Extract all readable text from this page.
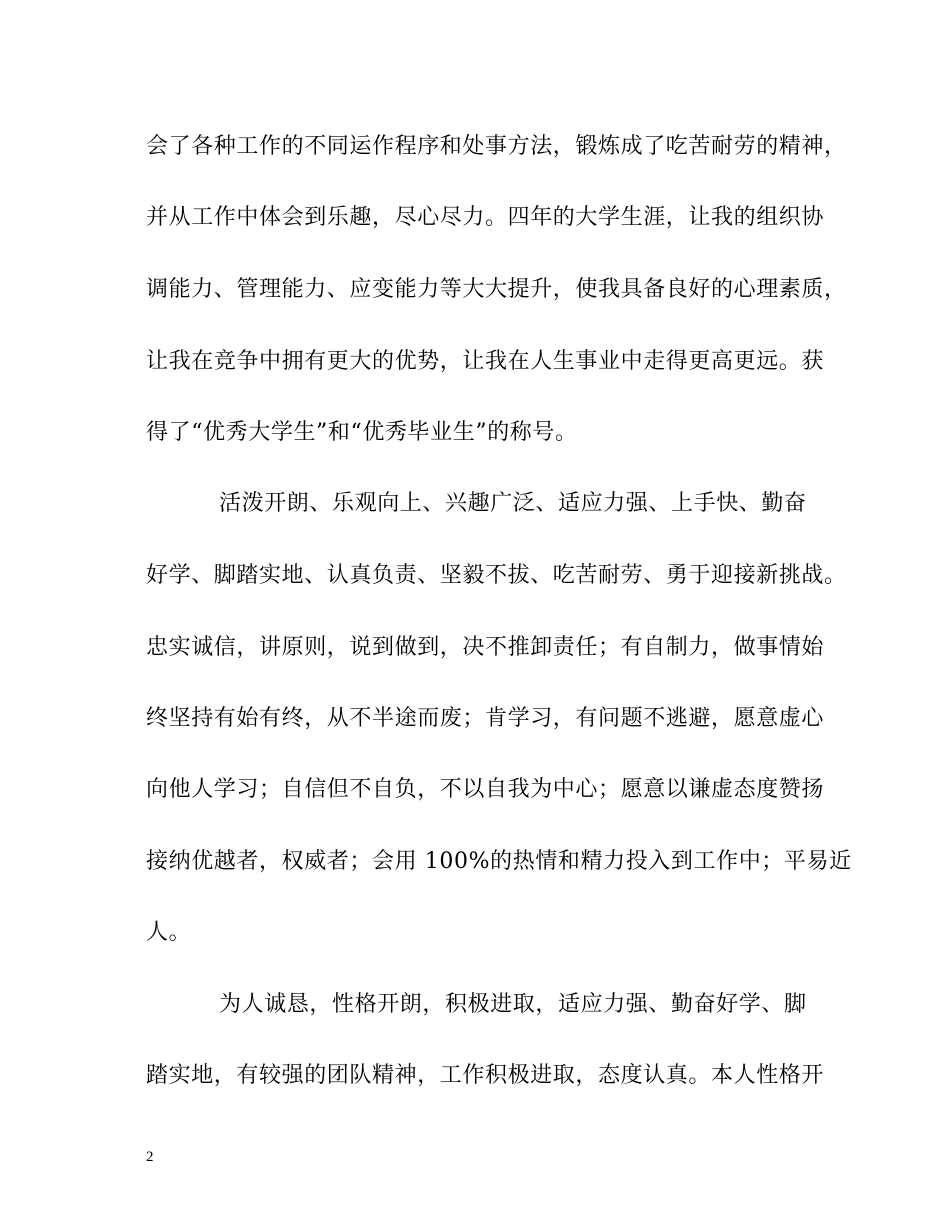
会了各种工作的不同运作程序和处事方法，锻炼成了吃苦耐劳的精神，
并从工作中体会到乐趣，尽心尽力。四年的大学生涯，让我的组织协
调能力、管理能力、应变能力等大大提升，使我具备良好的心理素质，
让我在竞争中拥有更大的优势，让我在人生事业中走得更高更远。获
得了“优秀大学生”和“优秀毕业生”的称号。
活泼开朗、乐观向上、兴趣广泛、适应力强、上手快、勤奋
好学、脚踏实地、认真负责、坚毅不拔、吃苦耐劳、勇于迎接新挑战。
忠实诚信，讲原则，说到做到，决不推卸责任；有自制力，做事情始
终坚持有始有终，从不半途而废；肯学习，有问题不逃避，愿意虚心
向他人学习；自信但不自负，不以自我为中心；愿意以谦虚态度赞扬
接纳优越者，权威者；会用 100%的热情和精力投入到工作中；平易近
人。
为人诚恳，性格开朗，积极进取，适应力强、勤奋好学、脚
踏实地，有较强的团队精神，工作积极进取，态度认真。本人性格开
2
